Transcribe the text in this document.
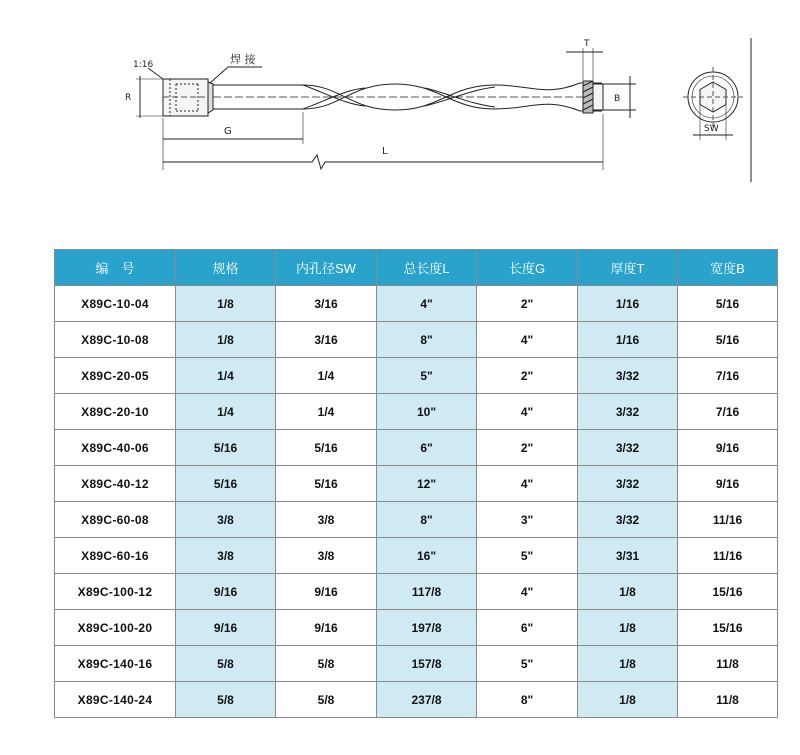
1:16	焊 接
T
B
R
G
L
SW
编　号	规格	内孔径SW	总长度L	长度G	厚度T	宽度B
X89C-10-04	1/8	3/16	4"	2"	1/16	5/16
X89C-10-08	1/8	3/16	8"	4"	1/16	5/16
X89C-20-05	1/4	1/4	5"	2"	3/32	7/16
X89C-20-10	1/4	1/4	10"	4"	3/32	7/16
X89C-40-06	5/16	5/16	6"	2"	3/32	9/16
X89C-40-12	5/16	5/16	12"	4"	3/32	9/16
X89C-60-08	3/8	3/8	8"	3"	3/32	11/16
X89C-60-16	3/8	3/8	16"	5"	3/31	11/16
X89C-100-12	9/16	9/16	117/8	4"	1/8	15/16
X89C-100-20	9/16	9/16	197/8	6"	1/8	15/16
X89C-140-16	5/8	5/8	157/8	5"	1/8	11/8
X89C-140-24	5/8	5/8	237/8	8"	1/8	11/8
